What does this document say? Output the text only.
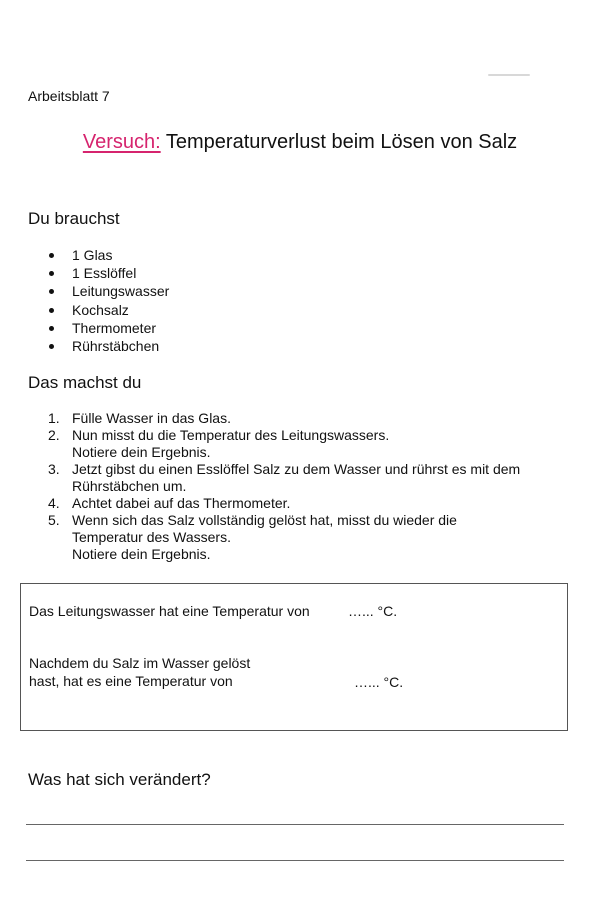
Arbeitsblatt 7
Versuch: Temperaturverlust beim Lösen von Salz
Du brauchst
1 Glas
1 Esslöffel
Leitungswasser
Kochsalz
Thermometer
Rührstäbchen
Das machst du
1. Fülle Wasser in das Glas.
2. Nun misst du die Temperatur des Leitungswassers.
Notiere dein Ergebnis.
3. Jetzt gibst du einen Esslöffel Salz zu dem Wasser und rührst es mit dem
Rührstäbchen um.
4. Achtet dabei auf das Thermometer.
5. Wenn sich das Salz vollständig gelöst hat, misst du wieder die
Temperatur des Wassers.
Notiere dein Ergebnis.
Das Leitungswasser hat eine Temperatur von	…... °C.
Nachdem du Salz im Wasser gelöst
hast, hat es eine Temperatur von	…... °C.
Was hat sich verändert?
